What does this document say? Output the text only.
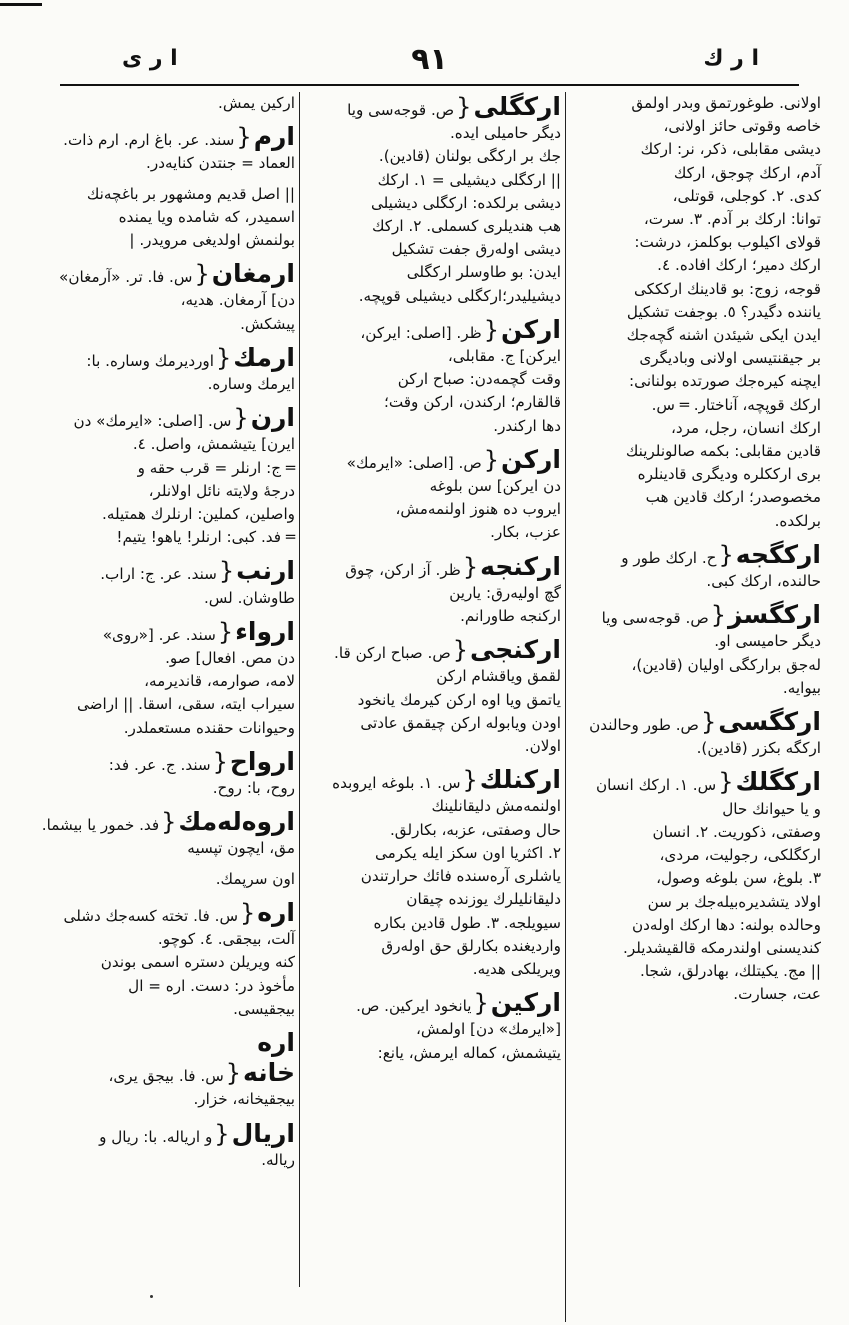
ا ر ى	٩١	ا ر ك
اولانى. طوغورتمق وبدر اولمق
خاصه وقوتى حائز اولانى،
ديشى مقابلى، ذكر، نر: اركك
آدم، اركك چوجق، اركك
كدى. ٢. كوجلى، قوتلى،
توانا: اركك بر آدم. ٣. سرت،
قولاى اكيلوب بوكلمز، درشت:
اركك دمير؛ اركك افاده. ٤.
قوجه، زوج: بو قادينك اركككى
يانندە دگيدر؟ ٥. بوجفت تشكيل
ايدن ايكى شيئدن اشنه گچەجك
بر جيقنتيسى اولانى وباديگرى
ايچنه كيرەجك صورتده بولنانى:
اركك قوپچه، آناختار. ═ س.
اركك انسان، رجل، مرد،
قادين مقابلى: بكمه صالونلرينك
برى ارككلره وديگرى قادينلره
مخصوصدر؛ اركك قادين هب
برلكده.
اركگجه{ح. اركك طور و
حالنده، اركك كبى.

اركگسز{ص. قوجەسى ويا
ديگر حاميسى او.

لەجق براركگى اوليان (قادين)،
بيوايه.
اركگسى{ص. طور وحالندن
اركگه بكزر (قادين).

اركگلك{س. ١. اركك انسان
و يا حيوانك حال

وصفتى، ذكوريت. ٢. انسان
اركگلكى، رجوليت، مردى،
٣. بلوغ، سن بلوغه وصول،
اولاد يتشديرەبيلەجك بر سن
وحالده بولنه: دها اركك اولەدن
كنديسنى اولندرمكه قالقيشديلر.
|| مج. يكيتلك، بهادرلق، شجا.
عت، جسارت.
اركگلى{ص. قوجەسى ويا
ديگر حاميلى ايدە.

جك بر اركگى بولنان (قادين).
|| اركگلى ديشيلى = ١. اركك
ديشى برلكده: اركگلى ديشيلى
هب هنديلرى كسملى. ٢. اركك
ديشى اولەرق جفت تشكيل
ايدن: بو طاوسلر اركگلى
ديشيليدر؛اركگلى ديشيلى قوپچه.
اركن{ظر. [اصلى: ايركن،
ايركن] ج. مقابلى،

وقت گچمەدن: صباح اركن
قالقارم؛ اركندن، اركن وقت؛
دها اركندر.
اركن{ص. [اصلى: «ايرمك»
دن ايركن] سن بلوغه

ايروب ده هنوز اولنمەمش،
عزب، بكار.
اركنجه{ظر. آز اركن، چوق
گچ اوليەرق: يارين

اركنجه طاورانم.
اركنجى{ص. صباح اركن قا.
لقمق وياقشام اركن

ياتمق ويا اوه اركن كيرمك يانخود
اودن ويابوله اركن چيقمق عادتى
اولان.
اركنلك{س. ١. بلوغه ايروبده
اولنمەمش دليقانلينك

حال وصفتى، عزبه، بكارلق.
٢. اكثريا اون سكز ايله يكرمى
ياشلرى آرەسندە فائك حرارتندن
دليقانليلرك يوزنده چيقان
سيويلجه. ٣. طول قادين بكاره
وارديغنده بكارلق حق اولەرق
ويريلكى هديه.
اركين{يانخود ايركين. ص.
[«ايرمك» دن] اولمش،

يتيشمش، كماله ايرمش، يانع:
اركين يمش.
ارم{سند. عر. باغ ارم. ارم ذات.
العماد = جنتدن كنايەدر.

|| اصل قديم ومشهور بر باغچەنك
اسميدر، كه شامده ويا يمنده
بولنمش اولديغى مرويدر. |
ارمغان{س. فا. تر. «آرمغان»
دن] آرمغان. هديه،

پيشكش.
ارمك{اورديرمك وساره. با:
ايرمك وساره.

ارن{س. [اصلى: «ايرمك» دن
ايرن] يتيشمش، واصل. ٤.

═ ج: ارنلر = قرب حقه و
درجۀ ولايته نائل اولانلر،
واصلين، كملين: ارنلرك همتيله.
═ فد. كبى: ارنلر! ياهو! يتيم!
ارنب{سند. عر. ج: اراب.
طاوشان. لس.

ارواء{سند. عر. [«روى»
دن مص. افعال] صو.

لامه، صوارمه، قانديرمه،
سيراب ايته، سقى، اسقا. || اراضى
وحيوانات حقنده مستعملدر.
ارواح{سند. ج. عر. فد:
روح، با: روح.

اروەلەمك{فد. خمور يا بيشما.
مق، ايچون تپسيه

اون سرپمك.
ارە{س. فا. تخته كسەجك دشلى
آلت، بيجقى. ٤. كوچو.

كنه ويريلن دستره اسمى بوندن
مأخوذ در: دست. ارە = ال
بيجقيسى.
ارە خانه{س. فا. بيجق يرى،
بيجقيخانه، خزار.

اريال{و اريالە. با: ريال و
رياله.
